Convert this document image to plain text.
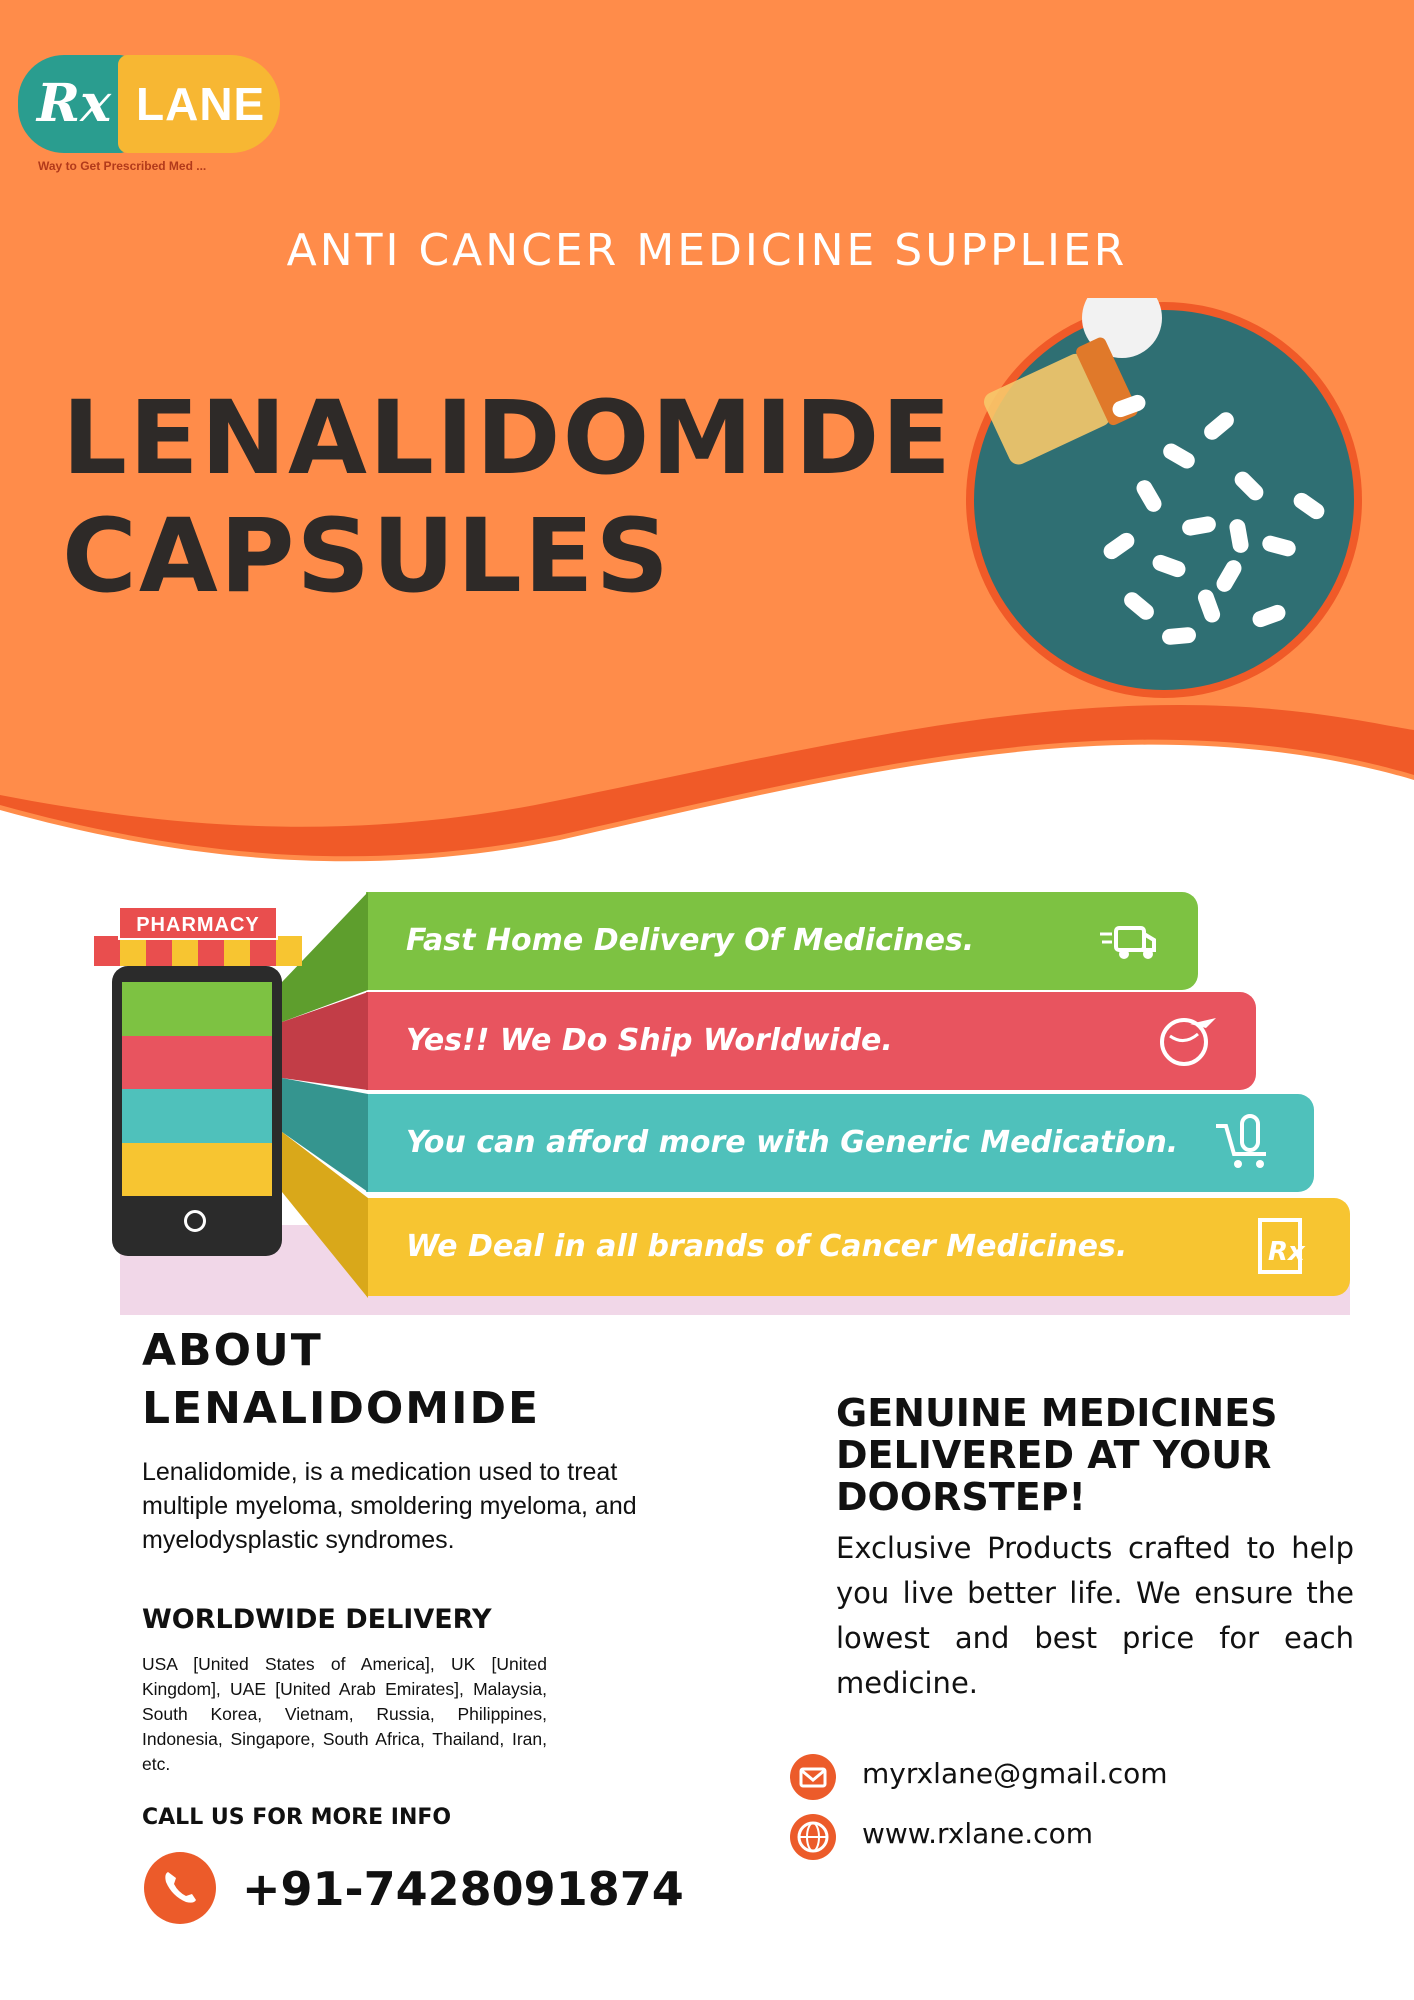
Rx LANE
Way to Get Prescribed Med ...
ANTI CANCER MEDICINE SUPPLIER
LENALIDOMIDE
CAPSULES
Fast Home Delivery Of Medicines.
Yes!! We Do Ship Worldwide.
You can afford more with Generic Medication.
We Deal in all brands of Cancer Medicines.	Rx
PHARMACY
ABOUT
LENALIDOMIDE
Lenalidomide, is a medication used to treat multiple myeloma, smoldering myeloma, and myelodysplastic syndromes.
WORLDWIDE DELIVERY
USA [United States of America], UK [United Kingdom], UAE [United Arab Emirates], Malaysia, South Korea, Vietnam, Russia, Philippines, Indonesia, Singapore, South Africa, Thailand, Iran, etc.
CALL US FOR MORE INFO
+91-7428091874
GENUINE MEDICINES DELIVERED AT YOUR DOORSTEP!
Exclusive Products crafted to help you live better life. We ensure the lowest and best price for each medicine.
myrxlane@gmail.com
www.rxlane.com
